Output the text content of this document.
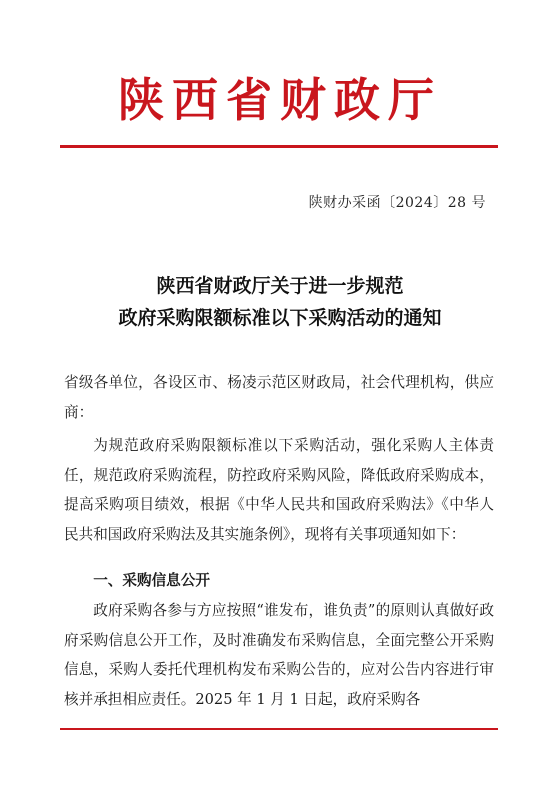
陕西省财政厅
陕财办采函〔2024〕28 号
陕西省财政厅关于进一步规范
政府采购限额标准以下采购活动的通知
省级各单位，各设区市、杨凌示范区财政局，社会代理机构，供应商：
为规范政府采购限额标准以下采购活动，强化采购人主体责任，规范政府采购流程，防控政府采购风险，降低政府采购成本，提高采购项目绩效，根据《中华人民共和国政府采购法》《中华人民共和国政府采购法及其实施条例》，现将有关事项通知如下：
一、采购信息公开
政府采购各参与方应按照“谁发布，谁负责”的原则认真做好政府采购信息公开工作，及时准确发布采购信息，全面完整公开采购信息，采购人委托代理机构发布采购公告的，应对公告内容进行审核并承担相应责任。2025 年 1 月 1 日起，政府采购各
